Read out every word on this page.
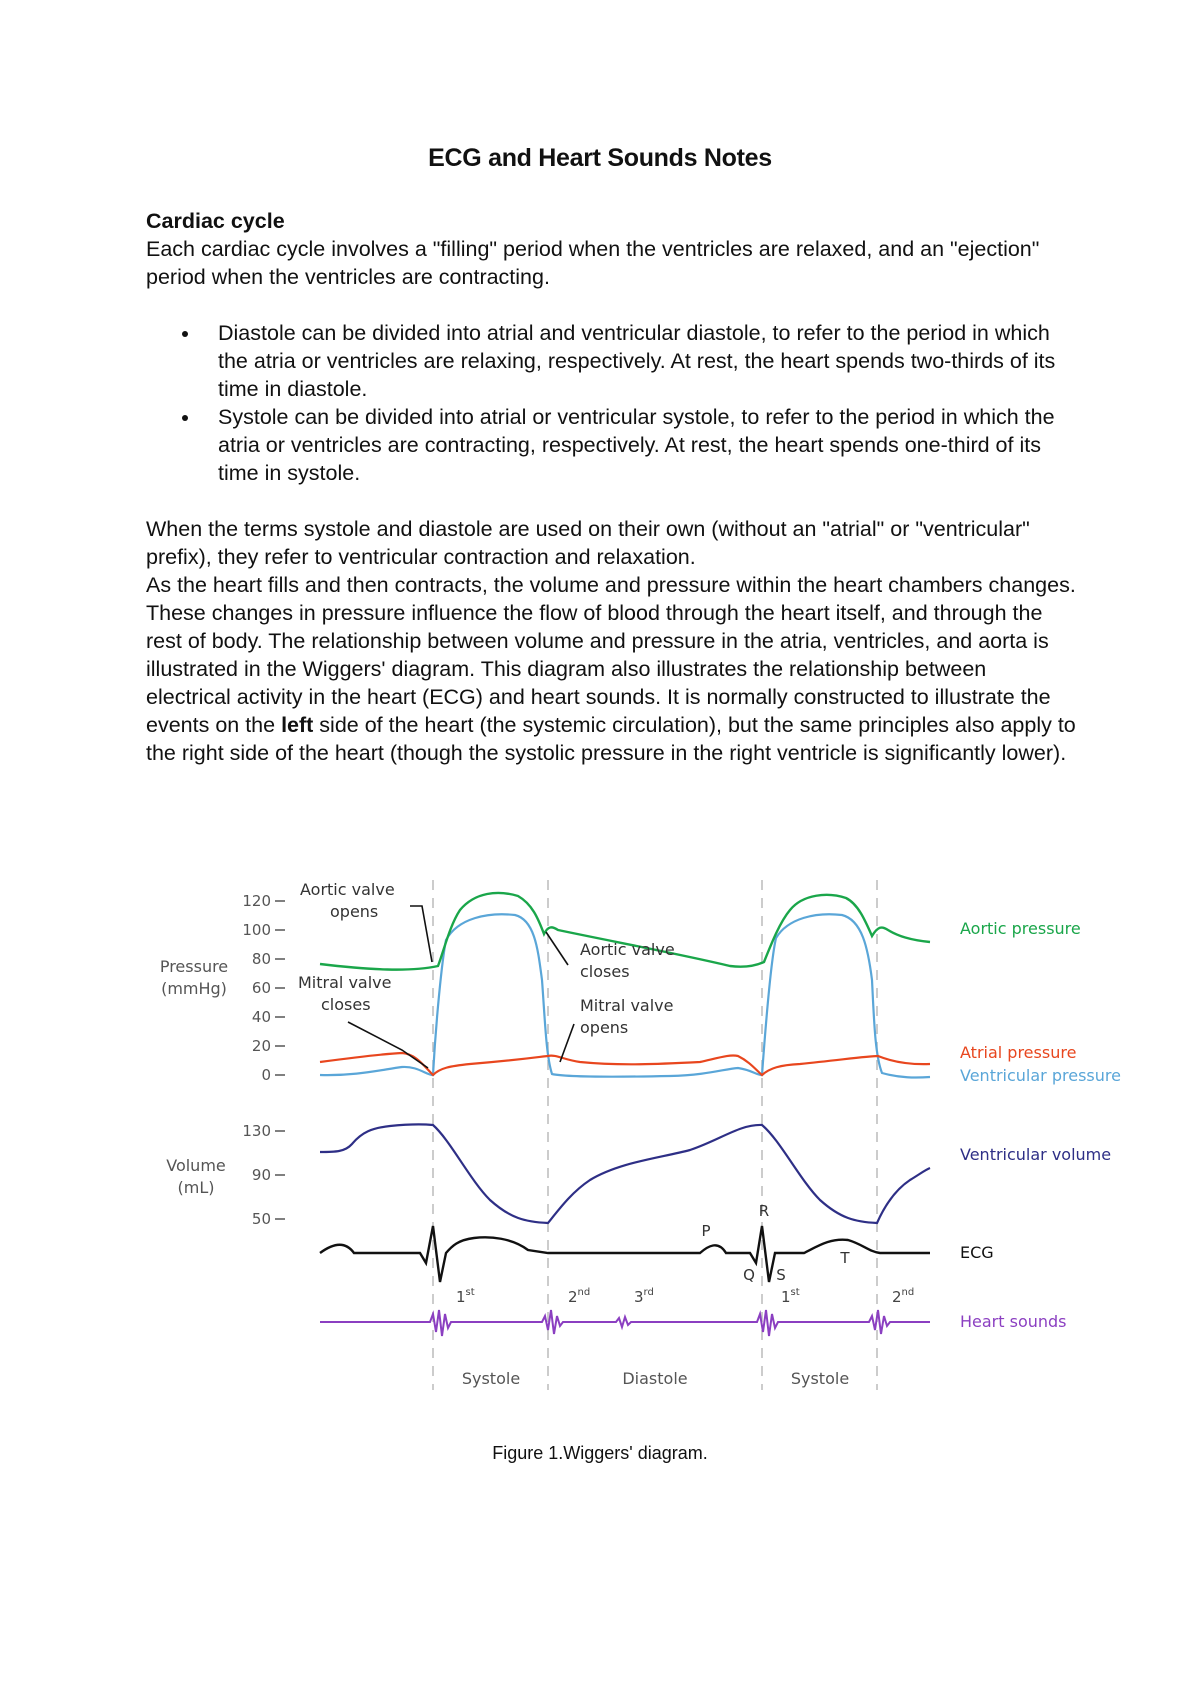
ECG and Heart Sounds Notes

Cardiac cycle

Each cardiac cycle involves a "filling" period when the ventricles are relaxed, and an "ejection" period when the ventricles are contracting.

Diastole can be divided into atrial and ventricular diastole, to refer to the period in which the atria or ventricles are relaxing, respectively. At rest, the heart spends two-thirds of its time in diastole.
Systole can be divided into atrial or ventricular systole, to refer to the period in which the atria or ventricles are contracting, respectively. At rest, the heart spends one-third of its time in systole.

When the terms systole and diastole are used on their own (without an "atrial" or "ventricular" prefix), they refer to ventricular contraction and relaxation.

As the heart fills and then contracts, the volume and pressure within the heart chambers changes. These changes in pressure influence the flow of blood through the heart itself, and through the rest of body. The relationship between volume and pressure in the atria, ventricles, and aorta is illustrated in the Wiggers' diagram. This diagram also illustrates the relationship between electrical activity in the heart (ECG) and heart sounds. It is normally constructed to illustrate the events on the left side of the heart (the systemic circulation), but the same principles also apply to the right side of the heart (though the systolic pressure in the right ventricle is significantly lower).

Pressure
(mmHg)
120
100
80
60
40
20
0
Volume
(mL)
130
90
50
P
Q
R
S
T
1st	2nd	3rd	1st	2nd
Aortic valve
opens
Mitral valve
closes
Aortic valve
closes
Mitral valve
opens
Systole	Diastole	Systole
Aortic pressure
Atrial pressure
Ventricular pressure
Ventricular volume
ECG
Heart sounds

Figure 1.Wiggers' diagram.
